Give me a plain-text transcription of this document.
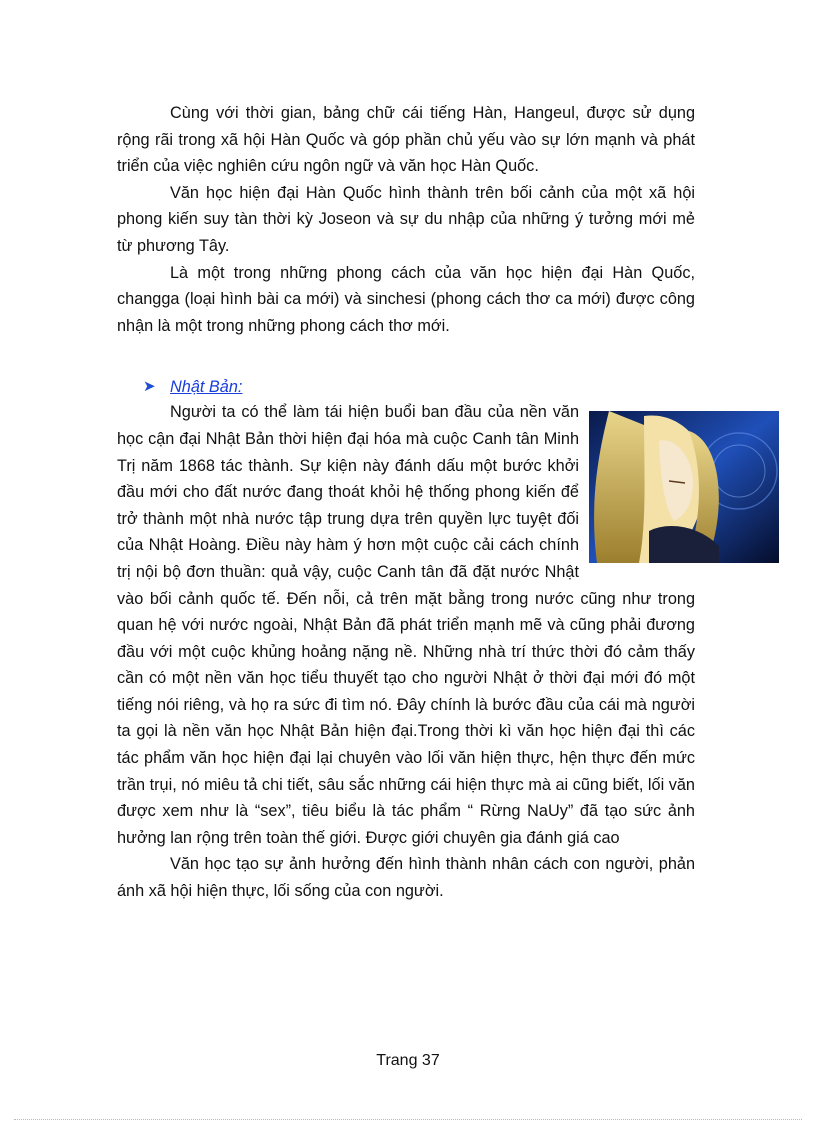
Cùng với thời gian, bảng chữ cái tiếng Hàn, Hangeul, được sử dụng rộng rãi trong xã hội Hàn Quốc và góp phần chủ yếu vào sự lớn mạnh và phát triển của việc nghiên cứu ngôn ngữ và văn học Hàn Quốc.

Văn học hiện đại Hàn Quốc hình thành trên bối cảnh của một xã hội phong kiến suy tàn thời kỳ Joseon và sự du nhập của những ý tưởng mới mẻ từ phương Tây.

Là một trong những phong cách của văn học hiện đại Hàn Quốc, changga (loại hình bài ca mới) và sinchesi (phong cách thơ ca mới) được công nhận là một trong những phong cách thơ mới.

➤ Nhật Bản:

Người ta có thể làm tái hiện buổi ban đầu của nền văn học cận đại Nhật Bản thời hiện đại hóa mà cuộc Canh tân Minh Trị năm 1868 tác thành. Sự kiện này đánh dấu một bước khởi đầu mới cho đất nước đang thoát khỏi hệ thống phong kiến để trở thành một nhà nước tập trung dựa trên quyền lực tuyệt đối của Nhật Hoàng. Điều này hàm ý hơn một cuộc cải cách chính trị nội bộ đơn thuần: quả vậy, cuộc Canh tân đã đặt nước Nhật vào bối cảnh quốc tế. Đến nỗi, cả trên mặt bằng trong nước cũng như trong quan hệ với nước ngoài, Nhật Bản đã phát triển mạnh mẽ và cũng phải đương đầu với một cuộc khủng hoảng nặng nề. Những nhà trí thức thời đó cảm thấy cần có một nền văn học tiểu thuyết tạo cho người Nhật ở thời đại mới đó một tiếng nói riêng, và họ ra sức đi tìm nó. Đây chính là bước đầu của cái mà người ta gọi là nền văn học Nhật Bản hiện đại.Trong thời kì văn học hiện đại thì các tác phẩm văn học hiện đại lại chuyên vào lối văn hiện thực, hện thực đến mức trần trụi, nó miêu tả chi tiết, sâu sắc những cái hiện thực mà ai cũng biết, lối văn được xem như là “sex”, tiêu biểu là tác phẩm “ Rừng NaUy” đã tạo sức ảnh hưởng lan rộng trên toàn thế giới. Được giới chuyên gia đánh giá cao

Văn học tạo sự ảnh hưởng đến hình thành nhân cách con người, phản ánh xã hội hiện thực, lối sống của con người.

Trang 37
